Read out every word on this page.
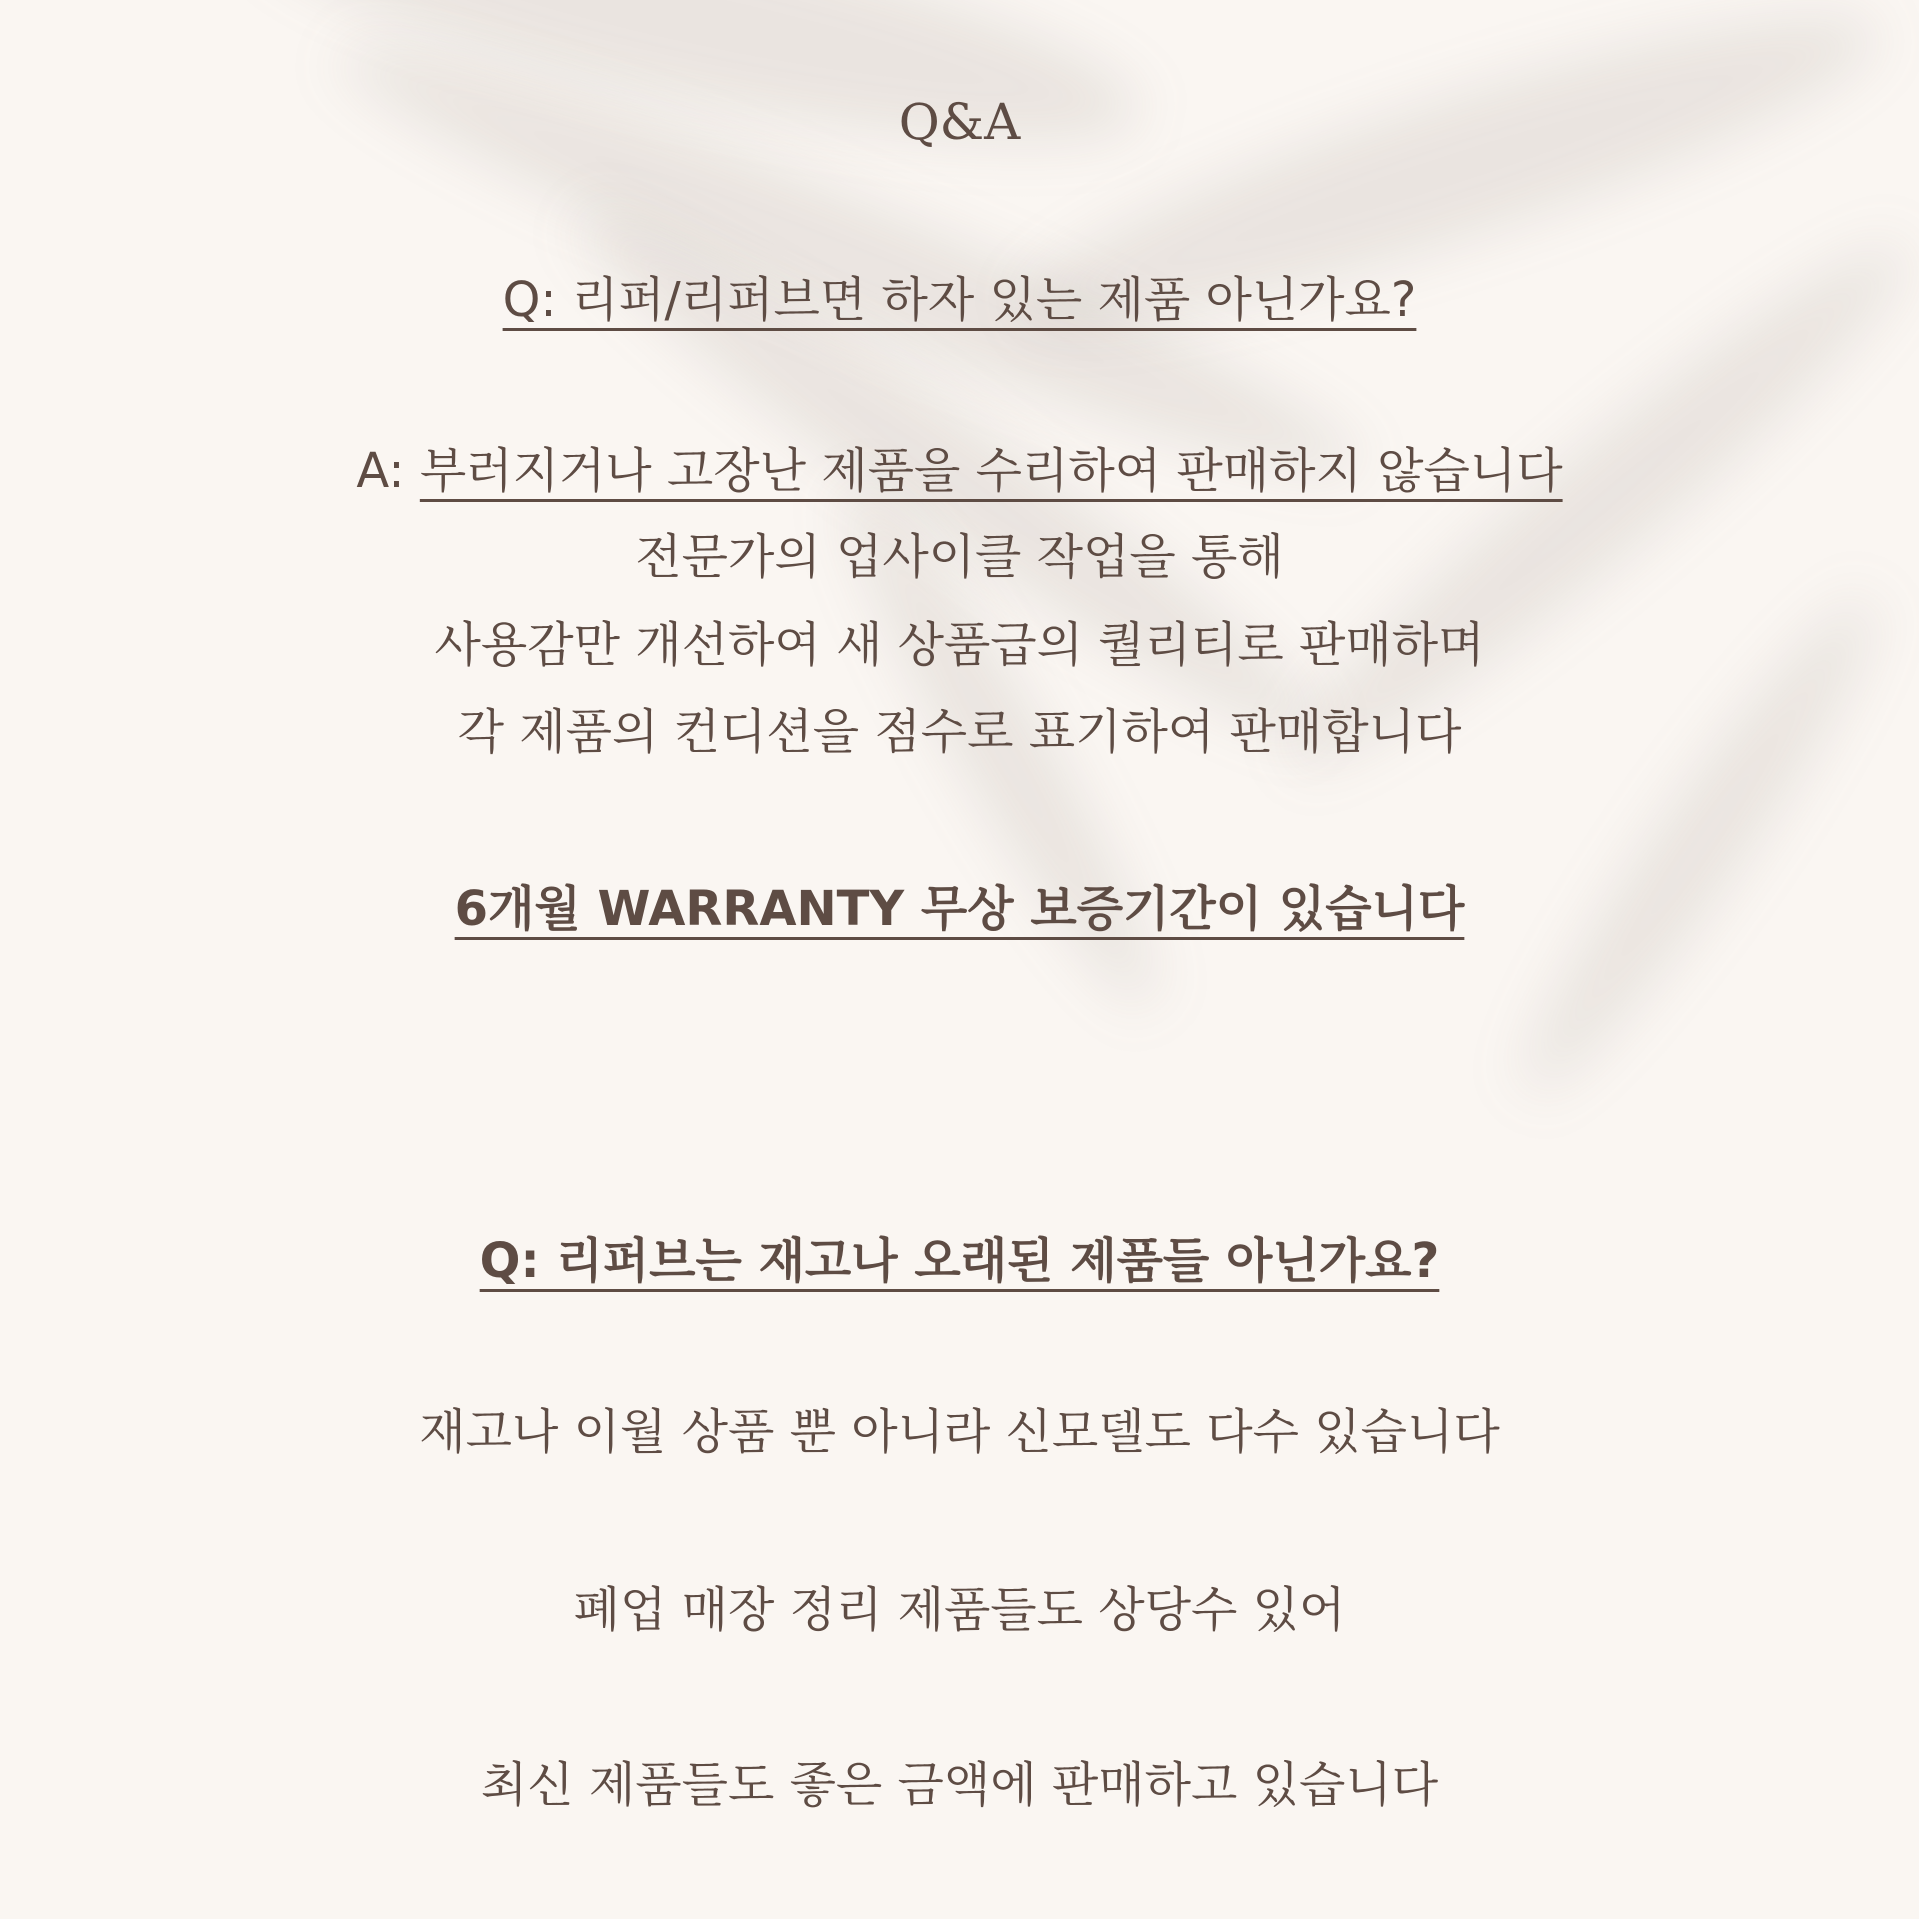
Q&A
Q: 리퍼/리퍼브면 하자 있는 제품 아닌가요?
A: 부러지거나 고장난 제품을 수리하여 판매하지 않습니다
전문가의 업사이클 작업을 통해
사용감만 개선하여 새 상품급의 퀄리티로 판매하며
각 제품의 컨디션을 점수로 표기하여 판매합니다
6개월 WARRANTY 무상 보증기간이 있습니다
Q: 리퍼브는 재고나 오래된 제품들 아닌가요?
재고나 이월 상품 뿐 아니라 신모델도 다수 있습니다
폐업 매장 정리 제품들도 상당수 있어
최신 제품들도 좋은 금액에 판매하고 있습니다
